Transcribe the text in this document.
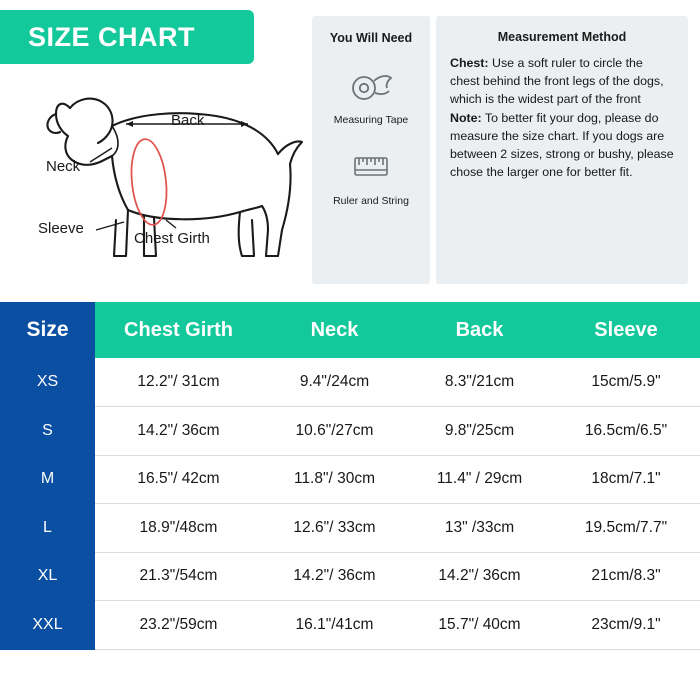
SIZE CHART
Back
Neck
Sleeve
Chest Girth
You Will Need
Measuring Tape
Ruler and String
Measurement Method
Chest: Use a soft ruler to circle the chest behind the front legs of the dogs, which is the widest part of the front
Note: To better fit your dog, please do measure the size chart. If you dogs are between 2 sizes, strong or bushy, please chose the larger one for better fit.
Size	Chest Girth	Neck	Back	Sleeve
XS	12.2"/ 31cm	9.4"/24cm	8.3"/21cm	15cm/5.9"
S	14.2"/ 36cm	10.6"/27cm	9.8"/25cm	16.5cm/6.5"
M	16.5"/ 42cm	11.8"/ 30cm	11.4" / 29cm	18cm/7.1"
L	18.9"/48cm	12.6"/ 33cm	13" /33cm	19.5cm/7.7"
XL	21.3"/54cm	14.2"/ 36cm	14.2"/ 36cm	21cm/8.3"
XXL	23.2"/59cm	16.1"/41cm	15.7"/ 40cm	23cm/9.1"
